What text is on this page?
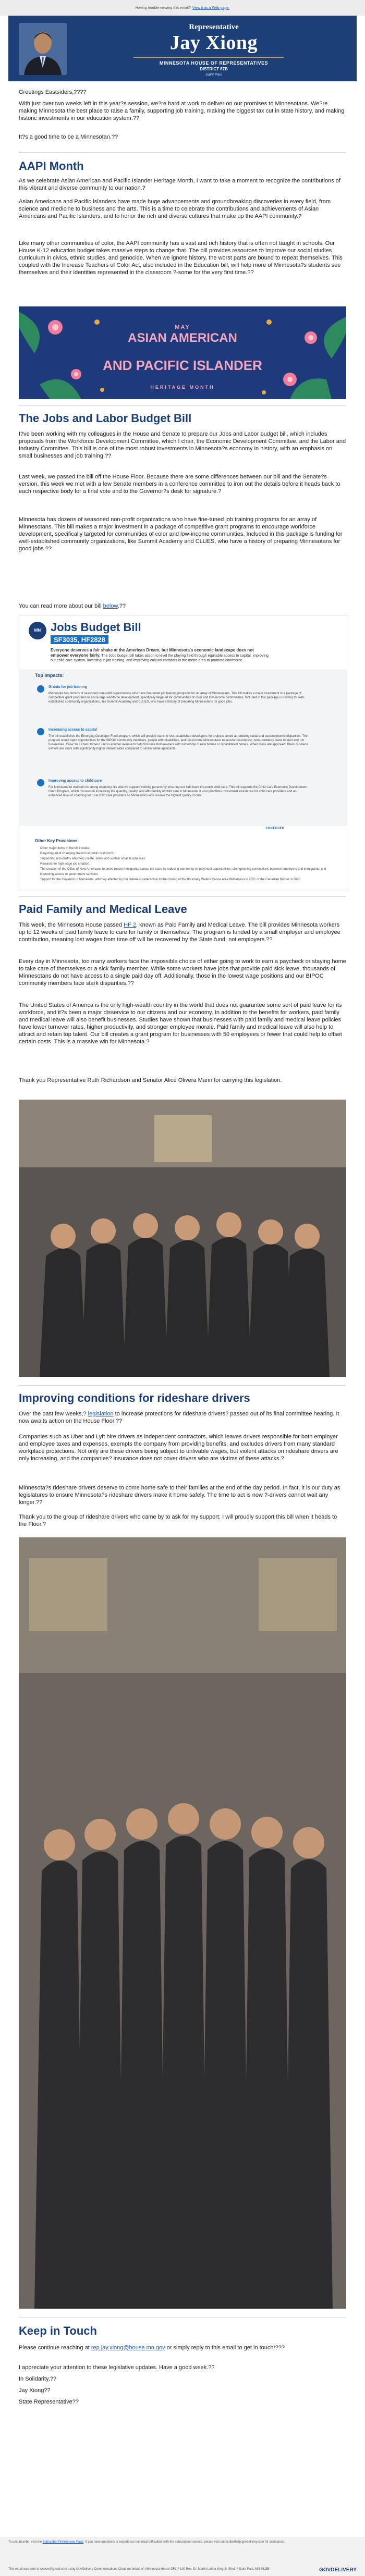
Having trouble viewing this email? View it as a Web page.
Representative
Jay Xiong
MINNESOTA HOUSE OF REPRESENTATIVES
DISTRICT 67B
Saint Paul

Greetings Eastsiders,????

With just over two weeks left in this year?s session, we?re hard at work to deliver on our promises to Minnesotans. We?re making Minnesota the best place to raise a family, supporting job training, making the biggest tax cut in state history, and making historic investments in our education system.??

It?s a good time to be a Minnesotan.??

AAPI Month

As we celebrate Asian American and Pacific Islander Heritage Month, I want to take a moment to recognize the contributions of this vibrant and diverse community to our nation.?

Asian Americans and Pacific Islanders have made huge advancements and groundbreaking discoveries in every field, from science and medicine to business and the arts. This is a time to celebrate the contributions and achievements of Asian Americans and Pacific Islanders, and to honor the rich and diverse cultures that make up the AAPI community.?

Like many other communities of color, the AAPI community has a vast and rich history that is often not taught in schools. Our House K-12 education budget takes massive steps to change that. The bill provides resources to improve our social studies curriculum in civics, ethnic studies, and genocide. When we ignore history, the worst parts are bound to repeat themselves. This coupled with the Increase Teachers of Color Act, also included in the Education bill, will help more of Minnesota?s students see themselves and their identities represented in the classroom ?-some for the very first time.??

MAY
ASIAN AMERICAN
AND PACIFIC ISLANDER
HERITAGE MONTH
The Jobs and Labor Budget Bill

I?ve been working with my colleagues in the House and Senate to prepare our Jobs and Labor budget bill, which includes proposals from the Workforce Development Committee, which I chair, the Economic Development Committee, and the Labor and Industry Committee. This bill is one of the most robust investments in Minnesota?s economy in history, with an emphasis on small businesses and job training.??

Last week, we passed the bill off the House Floor. Because there are some differences between our bill and the Senate?s version, this week we met with a few Senate members in a conference committee to iron out the details before it heads back to each respective body for a final vote and to the Governor?s desk for signature.?

Minnesota has dozens of seasoned non-profit organizations who have fine-tuned job training programs for an array of Minnesotans. This bill makes a major investment in a package of competitive grant programs to encourage workforce development, specifically targeted for communities of color and low-income communities. Included in this package is funding for well-established community organizations, like Summit Academy and CLUES, who have a history of preparing Minnesotans for good jobs.??

You can read more about our bill below.??

MN Jobs Budget Bill
SF3035, HF2828
Everyone deserves a fair shake at the American Dream, but Minnesota's economic landscape does not empower everyone fairly. The Jobs budget bill takes action to level the playing field through equitable access to capital, improving our child care system, investing in job training, and improving cultural corridors in the metro area to promote commerce.
Top Impacts:
Grants for job training
Minnesota has dozens of seasoned non-profit organizations who have fine-tuned job training programs for an array of Minnesotans. This bill makes a major investment in a package of competitive grant programs to encourage workforce development, specifically targeted for communities of color and low-income communities. Included in this package is funding for well-established community organizations, like Summit Academy and CLUES, who have a history of preparing Minnesotans for good jobs.
Increasing access to capital
The bill establishes the Emerging Developer Fund program, which will provide loans to less established developers for projects aimed at reducing racial and socioeconomic disparities. The program would open opportunities for the BIPOC community members, people with disabilities, and low-income Minnesotans to secure low-interest, zero-predatory loans to start and run businesses. Grow Your Own Homes Fund is another avenue to help first-time homeowners with ownership of new homes or rehabilitated homes. When loans are approved, Black business owners are stuck with significantly higher interest rates compared to similar white applicants.
Improving access to child care
For Minnesota to maintain its strong economy, it's vital we support working parents by ensuring our kids have top-notch child care. This bill supports the Child Care Economic Development Grant Program, which focuses on increasing the quantity, quality, and affordability of child care in Minnesota. It also prioritizes investment assistance for child care providers and an enhanced level of coaching for rural child care providers so Minnesota's kids receive the highest quality of care.
CONTINUED
Other Key Provisions:
Other major items in the bill include:
Requiring adult changing stations in public restrooms.
Supporting non-profits who help create, serve and sustain small businesses.
Rewards for high wage job creation.
The creation of the Office of New Americans to serve recent immigrants across the state by reducing barriers to employment opportunities, strengthening connections between employers and immigrants, and improving access to government services.
Support for the Governor of Minnesota, attorney affected by the federal counteraction to the closing of the Boundary Waters Canoe Area Wilderness in 2021 or the Canadian Border in 2020.
Paid Family and Medical Leave

This week, the Minnesota House passed HF 2, known as Paid Family and Medical Leave. The bill provides Minnesota workers up to 12 weeks of paid family leave to care for family or themselves. The program is funded by a small employer and employee contribution, meaning lost wages from time off will be recovered by the State fund, not employers.??

Every day in Minnesota, too many workers face the impossible choice of either going to work to earn a paycheck or staying home to take care of themselves or a sick family member. While some workers have jobs that provide paid sick leave, thousands of Minnesotans do not have access to a single paid day off. Additionally, those in the lowest wage positions and our BIPOC community members face stark disparities.??

The United States of America is the only high-wealth country in the world that does not guarantee some sort of paid leave for its workforce, and it?s been a major disservice to our citizens and our economy. In addition to the benefits for workers, paid family and medical leave will also benefit businesses. Studies have shown that businesses with paid family and medical leave policies have lower turnover rates, higher productivity, and stronger employee morale. Paid family and medical leave will also help to attract and retain top talent. Our bill creates a grant program for businesses with 50 employees or fewer that could help to offset certain costs. This is a massive win for Minnesota.?

Thank you Representative Ruth Richardson and Senator Alice Olivera Mann for carrying this legislation.

Improving conditions for rideshare drivers

Over the past few weeks,? legislation to increase protections for rideshare drivers? passed out of its final committee hearing. It now awaits action on the House Floor.??

Companies such as Uber and Lyft hire drivers as independent contractors, which leaves drivers responsible for both employer and employee taxes and expenses, exempts the company from providing benefits, and excludes drivers from many standard workplace protections. Not only are these drivers being subject to unlivable wages, but violent attacks on rideshare drivers are only increasing, and the companies? insurance does not cover drivers who are victims of these attacks.?

Minnesota?s rideshare drivers deserve to come home safe to their families at the end of the day period. In fact, it is our duty as legislatures to ensure Minnesota?s rideshare drivers make it home safely. The time to act is now ?-drivers cannot wait any longer.??

Thank you to the group of rideshare drivers who came by to ask for my support. I will proudly support this bill when it heads to the Floor.?

Keep in Touch

Please continue reaching at rep.jay.xiong@house.mn.gov or simply reply to this email to get in touch!???

I appreciate your attention to these legislative updates. Have a good week.??

In Solidarity,??

Jay Xiong??

State Representative??

To unsubscribe, visit the Subscriber Preferences Page. If you have questions or experience technical difficulties with the subscription service, please visit subscriberhelp.govdelivery.com for assistance.
This email was sent to xxxxxx@gmail.com using GovDelivery Communications Cloud on behalf of: Minnesota House DFL ? 100 Rev. Dr. Martin Luther King Jr. Blvd. ? Saint Paul, MN 55155	GOVDELIVERY
